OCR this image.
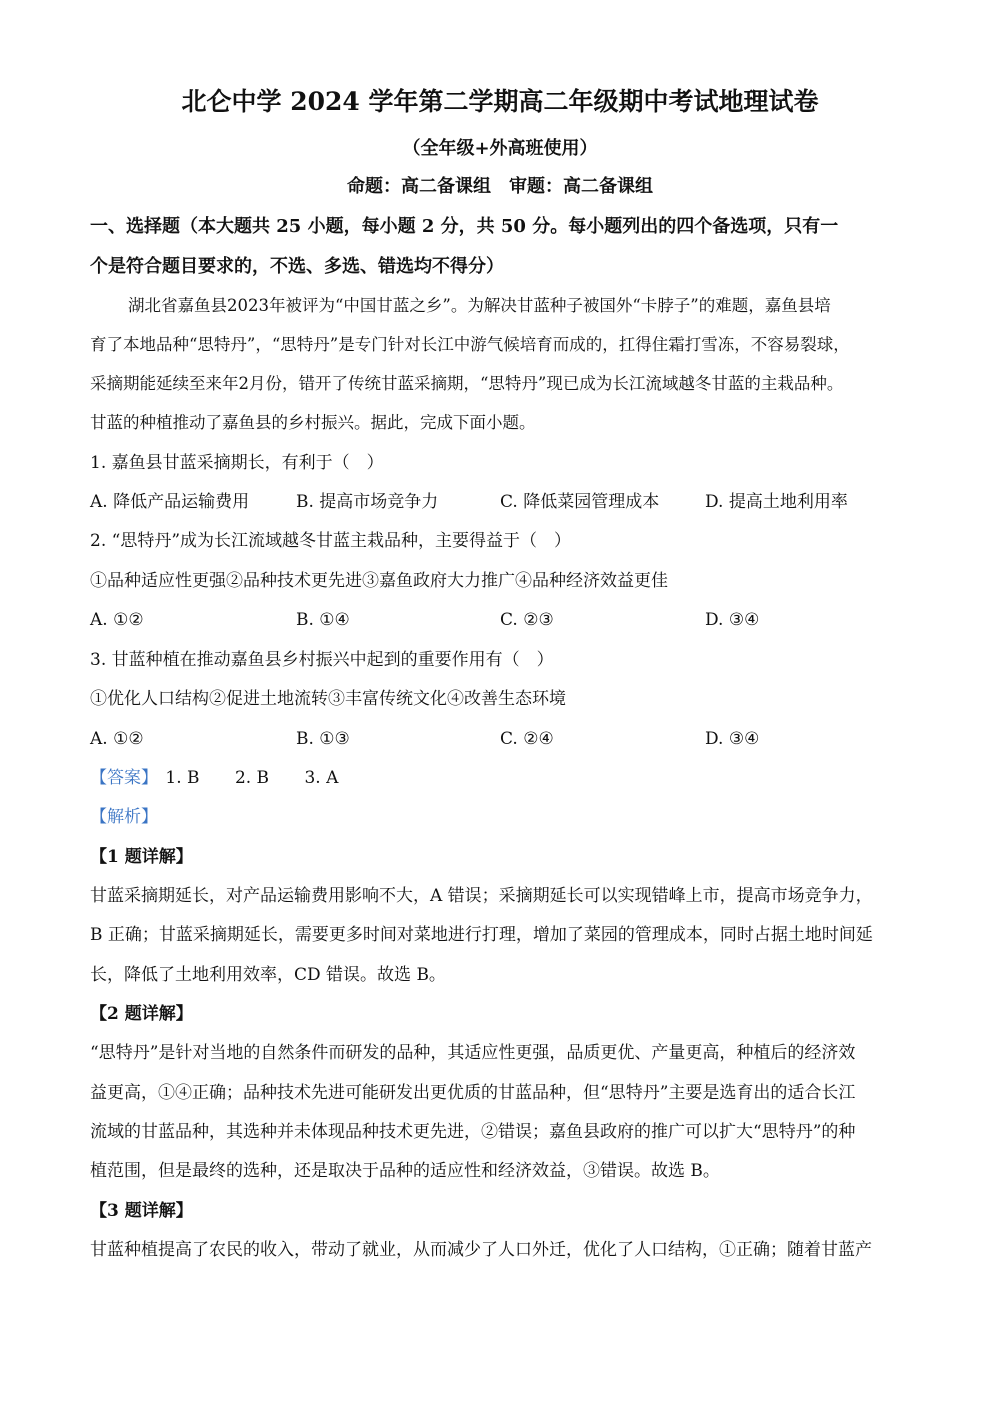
北仑中学 2024 学年第二学期高二年级期中考试地理试卷
（全年级+外高班使用）
命题：高二备课组　审题：高二备课组
一、选择题（本大题共 25 小题，每小题 2 分，共 50 分。每小题列出的四个备选项，只有一
个是符合题目要求的，不选、多选、错选均不得分）
湖北省嘉鱼县2023年被评为“中国甘蓝之乡”。为解决甘蓝种子被国外“卡脖子”的难题，嘉鱼县培
育了本地品种“思特丹”，“思特丹”是专门针对长江中游气候培育而成的，扛得住霜打雪冻，不容易裂球，
采摘期能延续至来年2月份，错开了传统甘蓝采摘期，“思特丹”现已成为长江流域越冬甘蓝的主栽品种。
甘蓝的种植推动了嘉鱼县的乡村振兴。据此，完成下面小题。
1. 嘉鱼县甘蓝采摘期长，有利于（　）
A. 降低产品运输费用	B. 提高市场竞争力	C. 降低菜园管理成本	D. 提高土地利用率
2. “思特丹”成为长江流域越冬甘蓝主栽品种，主要得益于（　）
①品种适应性更强②品种技术更先进③嘉鱼政府大力推广④品种经济效益更佳
A. ①②	B. ①④	C. ②③	D. ③④
3. 甘蓝种植在推动嘉鱼县乡村振兴中起到的重要作用有（　）
①优化人口结构②促进土地流转③丰富传统文化④改善生态环境
A. ①②	B. ①③	C. ②④	D. ③④
【答案】 1. B 2. B 3. A
【解析】
【1 题详解】
甘蓝采摘期延长，对产品运输费用影响不大，A 错误；采摘期延长可以实现错峰上市，提高市场竞争力，
B 正确；甘蓝采摘期延长，需要更多时间对菜地进行打理，增加了菜园的管理成本，同时占据土地时间延
长，降低了土地利用效率，CD 错误。故选 B。
【2 题详解】
“思特丹”是针对当地的自然条件而研发的品种，其适应性更强，品质更优、产量更高，种植后的经济效
益更高，①④正确；品种技术先进可能研发出更优质的甘蓝品种，但“思特丹”主要是选育出的适合长江
流域的甘蓝品种，其选种并未体现品种技术更先进，②错误；嘉鱼县政府的推广可以扩大“思特丹”的种
植范围，但是最终的选种，还是取决于品种的适应性和经济效益，③错误。故选 B。
【3 题详解】
甘蓝种植提高了农民的收入，带动了就业，从而减少了人口外迁，优化了人口结构，①正确；随着甘蓝产
